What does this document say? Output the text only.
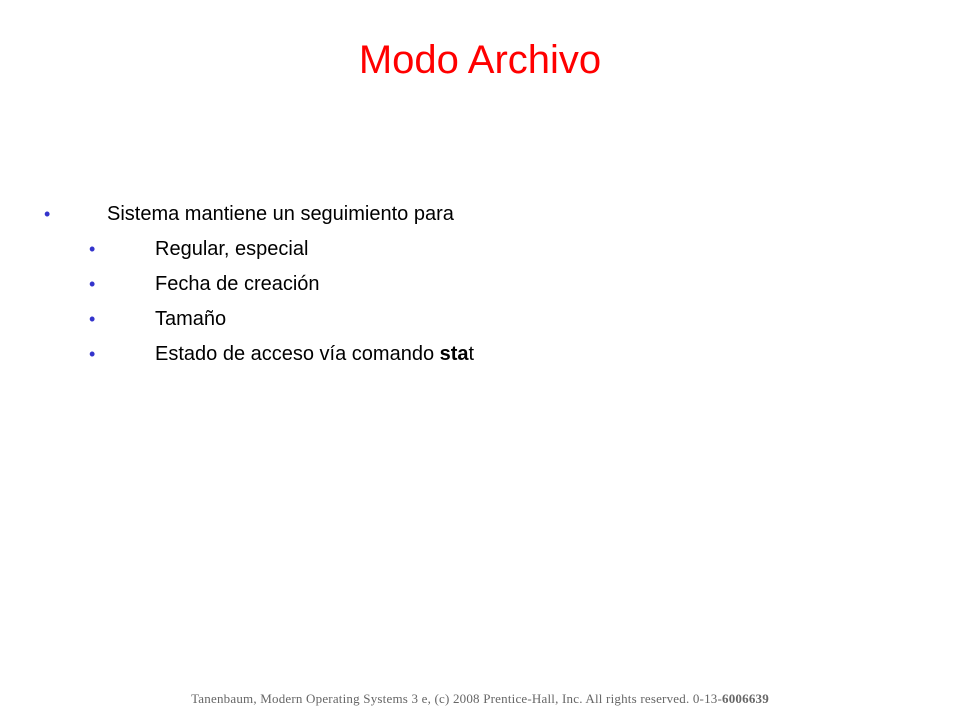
Modo Archivo
•	Sistema mantiene un seguimiento para
•	Regular, especial
•	Fecha de creación
•	Tamaño
•	Estado de acceso vía comando stat
Tanenbaum, Modern Operating Systems 3 e, (c) 2008 Prentice-Hall, Inc. All rights reserved. 0-13-6006639
